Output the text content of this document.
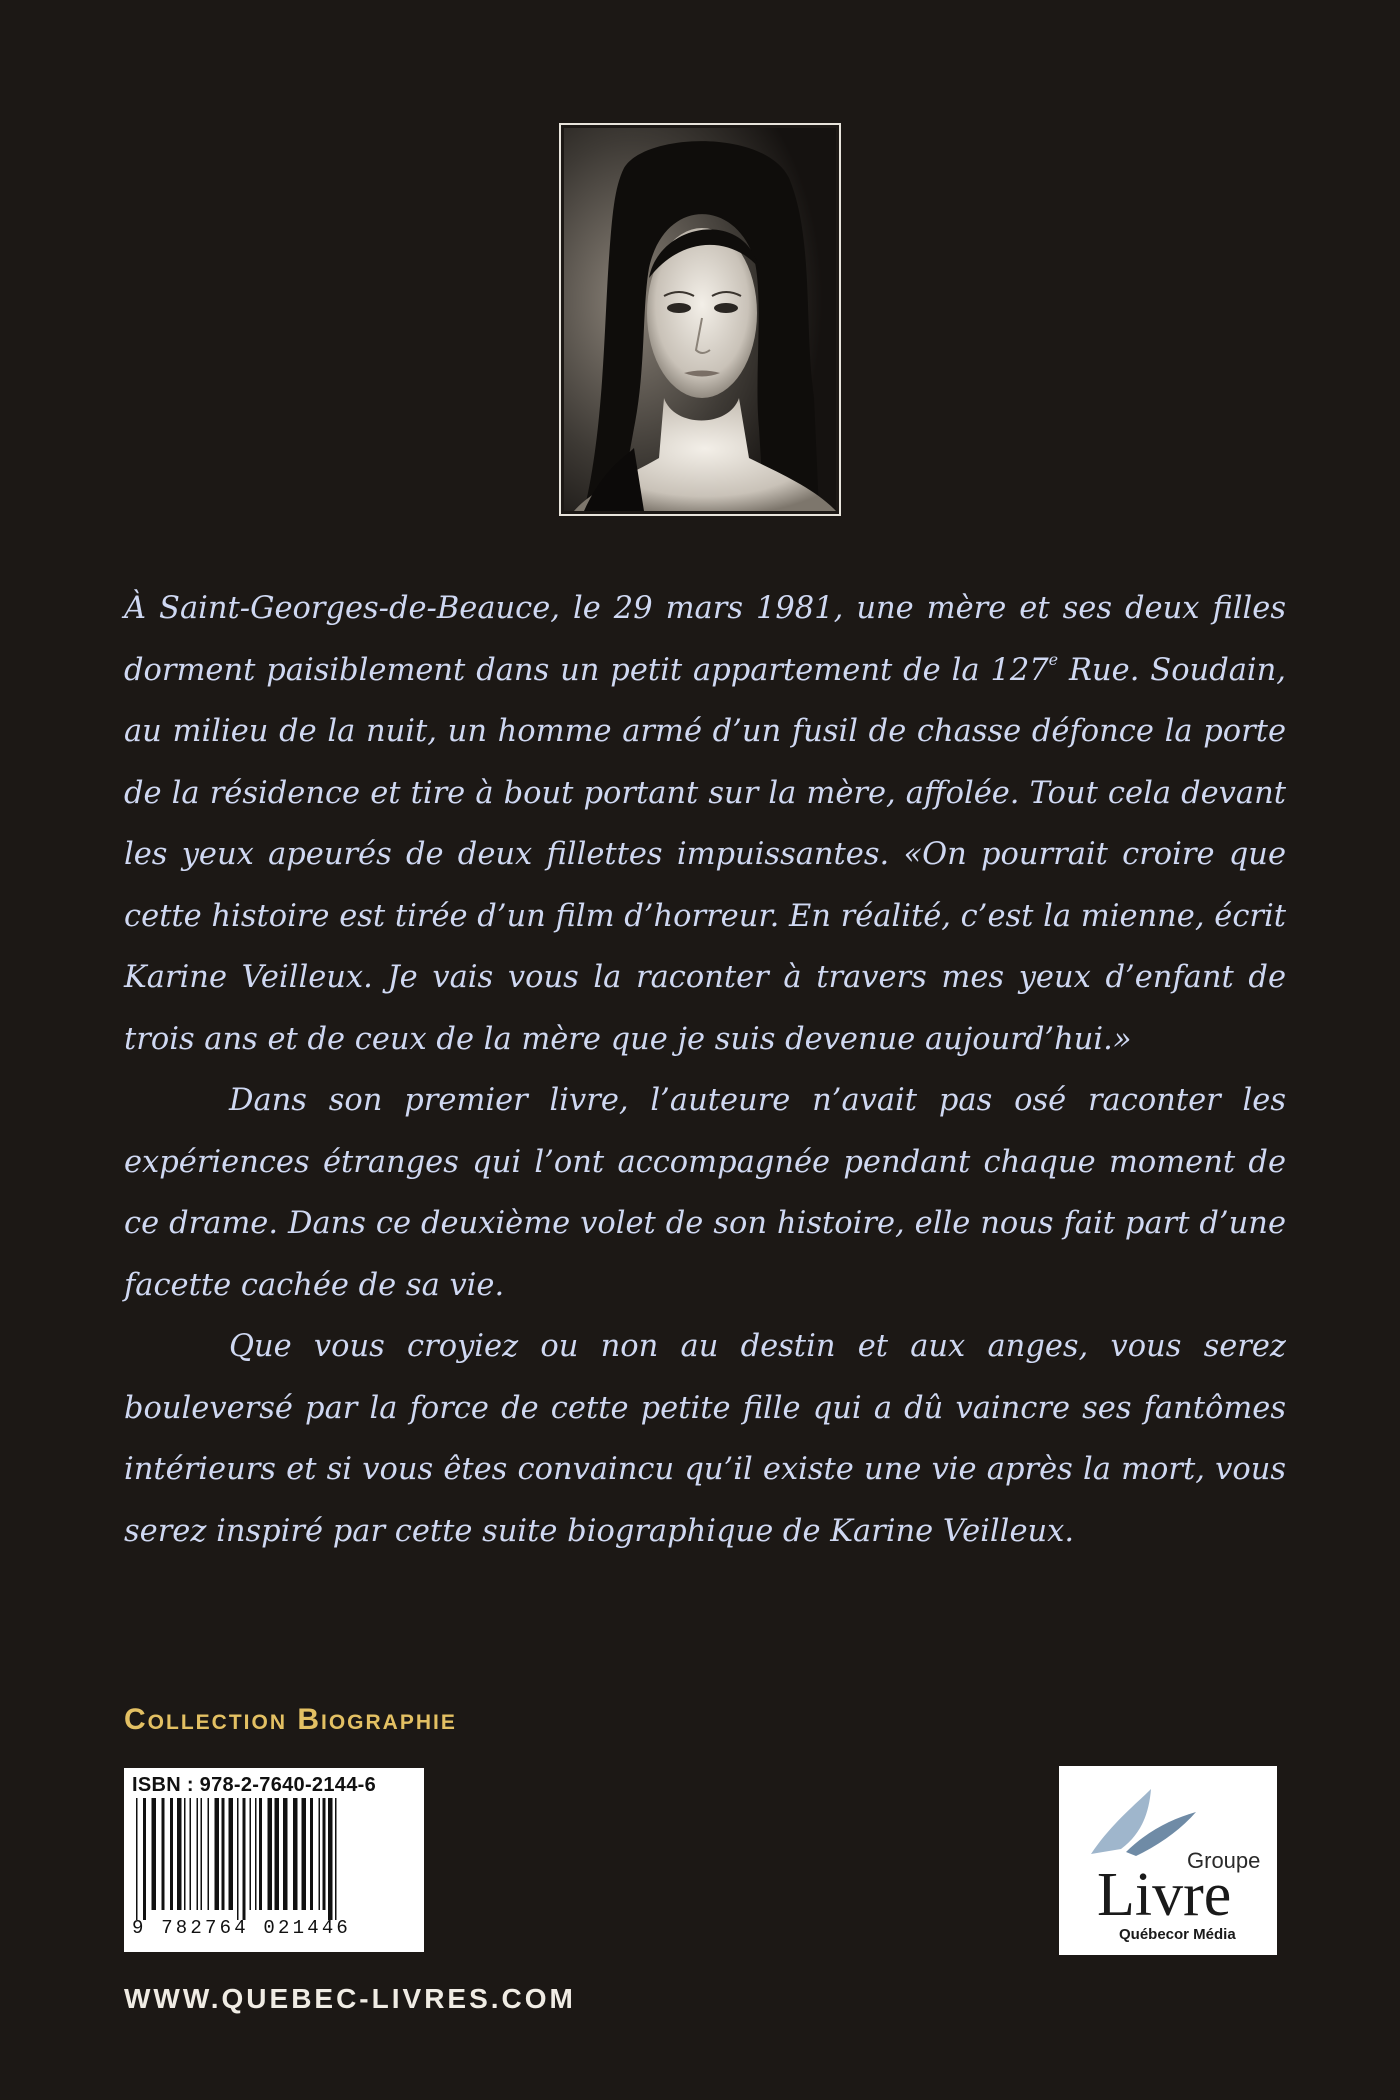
À Saint-Georges-de-Beauce, le 29 mars 1981, une mère et ses deux filles dorment paisiblement dans un petit appartement de la 127e Rue. Soudain, au milieu de la nuit, un homme armé d’un fusil de chasse défonce la porte de la résidence et tire à bout portant sur la mère, affolée. Tout cela devant les yeux apeurés de deux fillettes impuissantes. «On pourrait croire que cette histoire est tirée d’un film d’horreur. En réalité, c’est la mienne, écrit Karine Veilleux. Je vais vous la raconter à travers mes yeux d’enfant de trois ans et de ceux de la mère que je suis devenue aujourd’hui.»

Dans son premier livre, l’auteure n’avait pas osé raconter les expériences étranges qui l’ont accompagnée pendant chaque moment de ce drame. Dans ce deuxième volet de son histoire, elle nous fait part d’une facette cachée de sa vie.

Que vous croyiez ou non au destin et aux anges, vous serez bouleversé par la force de cette petite fille qui a dû vaincre ses fantômes intérieurs et si vous êtes convaincu qu’il existe une vie après la mort, vous serez inspiré par cette suite biographique de Karine Veilleux.

Collection Biographie
ISBN : 978-2-7640-2144-6
9 782764 021446
Groupe
Livre
Québecor Média
WWW.QUEBEC-LIVRES.COM
